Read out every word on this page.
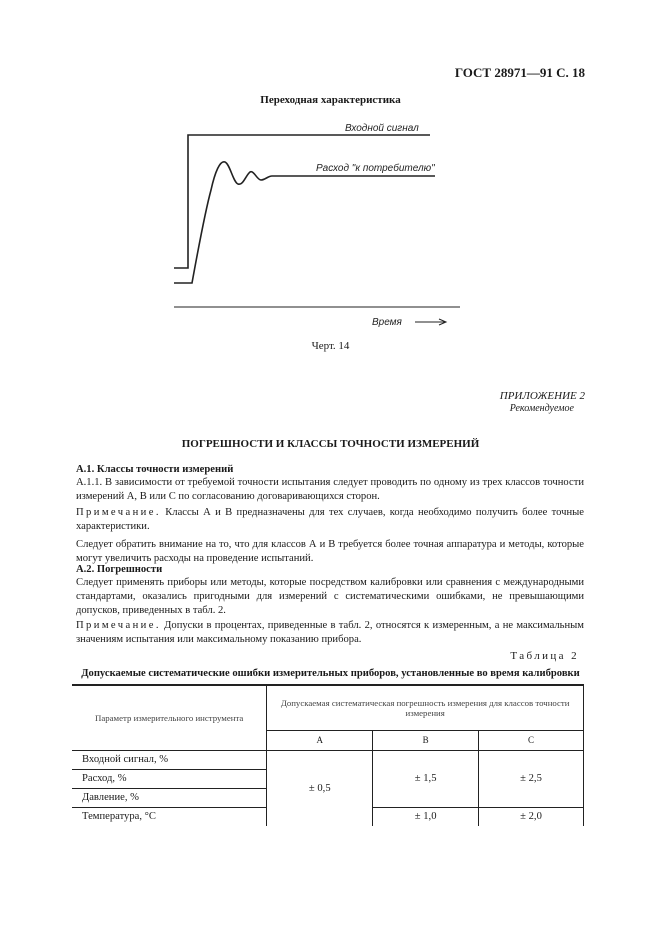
ГОСТ 28971—91 С. 18
Переходная характеристика
Входной сигнал
Расход "к потребителю"
Время
Черт. 14
ПРИЛОЖЕНИЕ 2
Рекомендуемое
ПОГРЕШНОСТИ И КЛАССЫ ТОЧНОСТИ ИЗМЕРЕНИЙ
А.1. Классы точности измерений
А.1.1. В зависимости от требуемой точности испытания следует проводить по одному из трех классов точности измерений А, В или С по согласованию договаривающихся сторон.
Примечание. Классы А и В предназначены для тех случаев, когда необходимо получить более точные характеристики.
Следует обратить внимание на то, что для классов А и В требуется более точная аппаратура и методы, которые могут увеличить расходы на проведение испытаний.
А.2. Погрешности
Следует применять приборы или методы, которые посредством калибровки или сравнения с международными стандартами, оказались пригодными для измерений с систематическими ошибками, не превышающими допусков, приведенных в табл. 2.
Примечание. Допуски в процентах, приведенные в табл. 2, относятся к измеренным, а не максимальным значениям испытания или максимальному показанию прибора.
Таблица 2
Допускаемые систематические ошибки измерительных приборов, установленные во время калибровки
Параметр измерительного инструмента	Допускаемая систематическая погрешность измерения для классов точности измерения		
	А	В	С
Входной сигнал, %	± 0,5	± 1,5	± 2,5
Расход, %			
Давление, %			
Температура, °С		± 1,0	± 2,0
